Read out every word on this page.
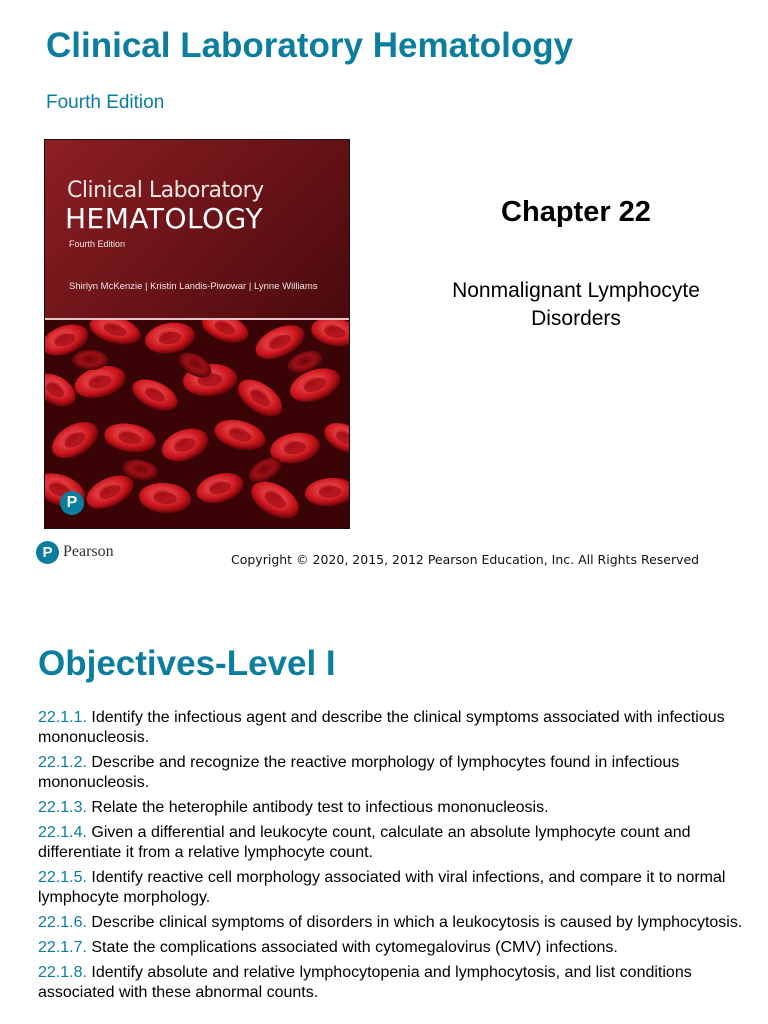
Clinical Laboratory Hematology
Fourth Edition
Clinical Laboratory
HEMATOLOGY
Fourth Edition
Shirlyn McKenzie | Kristin Landis-Piwowar | Lynne Williams
P
Chapter 22
Nonmalignant Lymphocyte Disorders
P Pearson	Copyright © 2020, 2015, 2012 Pearson Education, Inc. All Rights Reserved
Objectives-Level I
22.1.1. Identify the infectious agent and describe the clinical symptoms associated with infectious mononucleosis.
22.1.2. Describe and recognize the reactive morphology of lymphocytes found in infectious mononucleosis.
22.1.3. Relate the heterophile antibody test to infectious mononucleosis.
22.1.4. Given a differential and leukocyte count, calculate an absolute lymphocyte count and differentiate it from a relative lymphocyte count.
22.1.5. Identify reactive cell morphology associated with viral infections, and compare it to normal lymphocyte morphology.
22.1.6. Describe clinical symptoms of disorders in which a leukocytosis is caused by lymphocytosis.
22.1.7. State the complications associated with cytomegalovirus (CMV) infections.
22.1.8. Identify absolute and relative lymphocytopenia and lymphocytosis, and list conditions associated with these abnormal counts.
